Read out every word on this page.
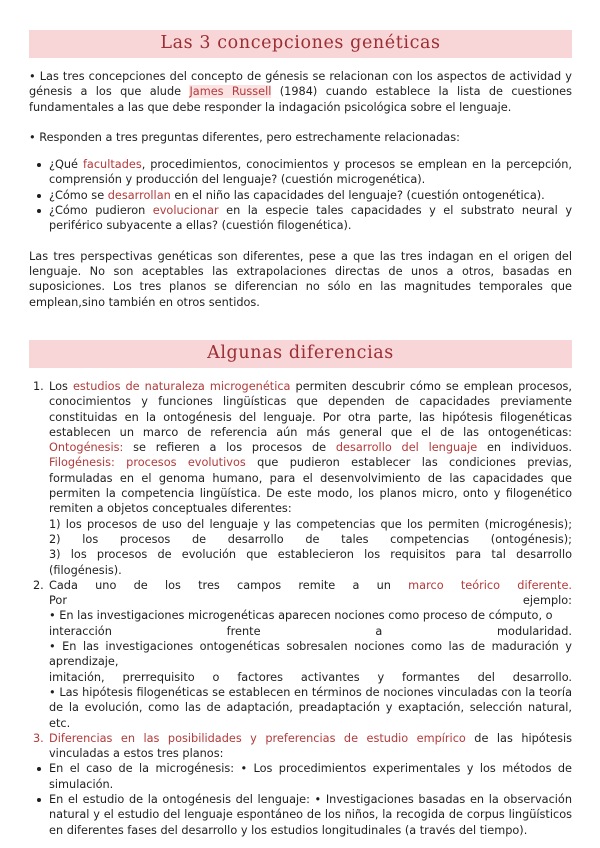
Las 3 concepciones genéticas

• Las tres concepciones del concepto de génesis se relacionan con los aspectos de actividad y génesis a los que alude James Russell (1984) cuando establece la lista de cuestiones fundamentales a las que debe responder la indagación psicológica sobre el lenguaje.

• Responden a tres preguntas diferentes, pero estrechamente relacionadas:

¿Qué facultades, procedimientos, conocimientos y procesos se emplean en la percepción, comprensión y producción del lenguaje? (cuestión microgenética).
¿Cómo se desarrollan en el niño las capacidades del lenguaje? (cuestión ontogenética).
¿Cómo pudieron evolucionar en la especie tales capacidades y el substrato neural y periférico subyacente a ellas? (cuestión filogenética).

Las tres perspectivas genéticas son diferentes, pese a que las tres indagan en el origen del lenguaje. No son aceptables las extrapolaciones directas de unos a otros, basadas en suposiciones. Los tres planos se diferencian no sólo en las magnitudes temporales que emplean,sino también en otros sentidos.

Algunas diferencias
1. Los estudios de naturaleza microgenética permiten descubrir cómo se emplean procesos, conocimientos y funciones lingüísticas que dependen de capacidades previamente constituidas en la ontogénesis del lenguaje. Por otra parte, las hipótesis filogenéticas establecen un marco de referencia aún más general que el de las ontogenéticas: Ontogénesis: se refieren a los procesos de desarrollo del lenguaje en individuos. Filogénesis: procesos evolutivos que pudieron establecer las condiciones previas, formuladas en el genoma humano, para el desenvolvimiento de las capacidades que permiten la competencia lingüística. De este modo, los planos micro, onto y filogenético remiten a objetos conceptuales diferentes:

1) los procesos de uso del lenguaje y las competencias que los permiten (microgénesis);

2) los procesos de desarrollo de tales competencias (ontogénesis);

3) los procesos de evolución que establecieron los requisitos para tal desarrollo (filogénesis).

2. Cada uno de los tres campos remite a un marco teórico diferente.

Por ejemplo:

• En las investigaciones microgenéticas aparecen nociones como proceso de cómputo, o

interacción frente a modularidad.

• En las investigaciones ontogenéticas sobresalen nociones como las de maduración y aprendizaje,

imitación, prerrequisito o factores activantes y formantes del desarrollo.

• Las hipótesis filogenéticas se establecen en términos de nociones vinculadas con la teoría de la evolución, como las de adaptación, preadaptación y exaptación, selección natural, etc.

3. Diferencias en las posibilidades y preferencias de estudio empírico de las hipótesis vinculadas a estos tres planos:

En el caso de la microgénesis: • Los procedimientos experimentales y los métodos de simulación.
En el estudio de la ontogénesis del lenguaje: • Investigaciones basadas en la observación natural y el estudio del lenguaje espontáneo de los niños, la recogida de corpus lingüísticos en diferentes fases del desarrollo y los estudios longitudinales (a través del tiempo).
